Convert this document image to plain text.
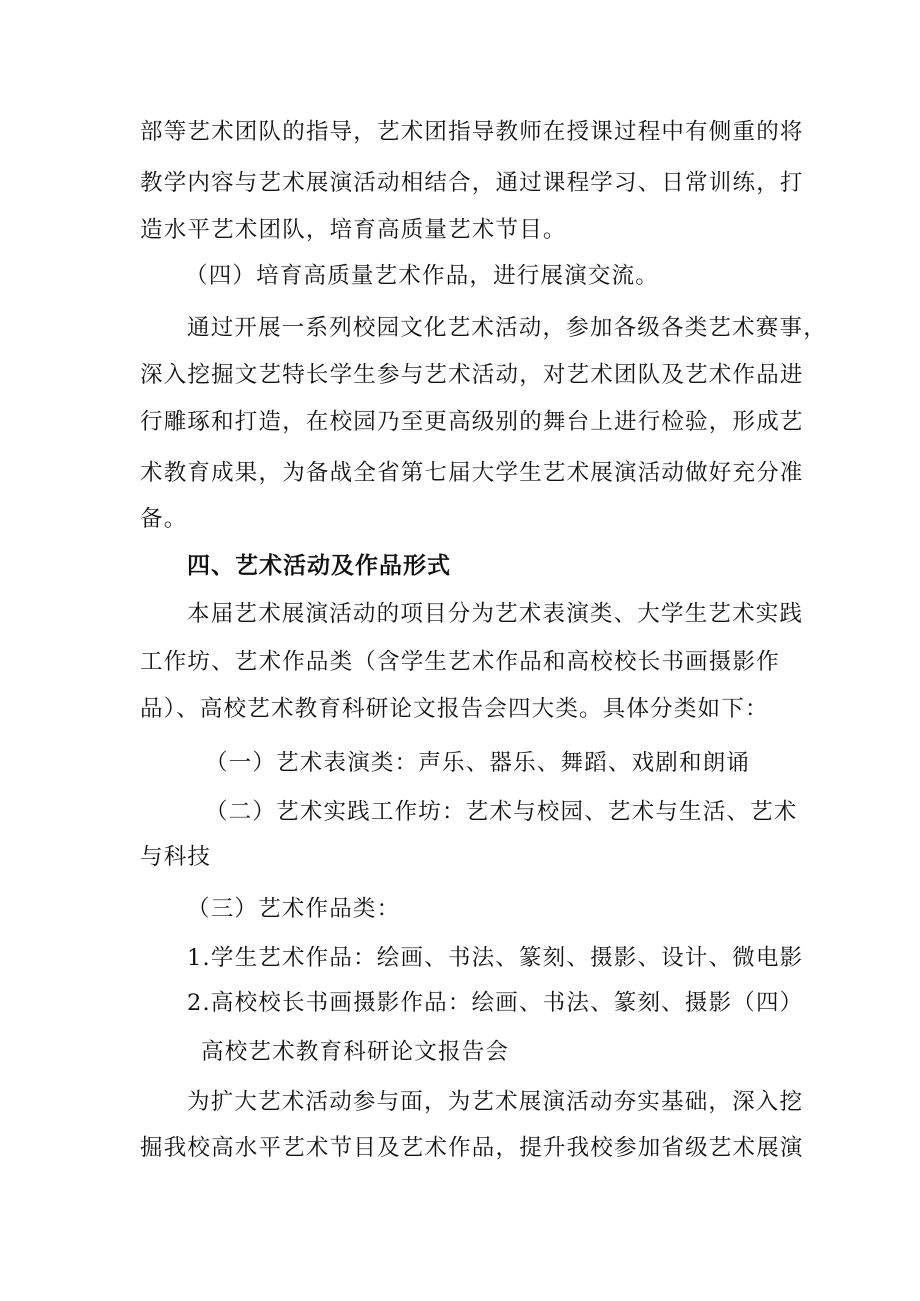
部等艺术团队的指导，艺术团指导教师在授课过程中有侧重的将
教学内容与艺术展演活动相结合，通过课程学习、日常训练，打
造水平艺术团队，培育高质量艺术节目。
（四）培育高质量艺术作品，进行展演交流。
通过开展一系列校园文化艺术活动，参加各级各类艺术赛事，
深入挖掘文艺特长学生参与艺术活动，对艺术团队及艺术作品进
行雕琢和打造，在校园乃至更高级别的舞台上进行检验，形成艺
术教育成果，为备战全省第七届大学生艺术展演活动做好充分准
备。
四、艺术活动及作品形式
本届艺术展演活动的项目分为艺术表演类、大学生艺术实践
工作坊、艺术作品类（含学生艺术作品和高校校长书画摄影作
品）、高校艺术教育科研论文报告会四大类。具体分类如下：
（一）艺术表演类：声乐、器乐、舞蹈、戏剧和朗诵
（二）艺术实践工作坊：艺术与校园、艺术与生活、艺术
与科技
（三）艺术作品类：
1.学生艺术作品：绘画、书法、篆刻、摄影、设计、微电影
2.高校校长书画摄影作品：绘画、书法、篆刻、摄影（四）
高校艺术教育科研论文报告会
为扩大艺术活动参与面，为艺术展演活动夯实基础，深入挖
掘我校高水平艺术节目及艺术作品，提升我校参加省级艺术展演
